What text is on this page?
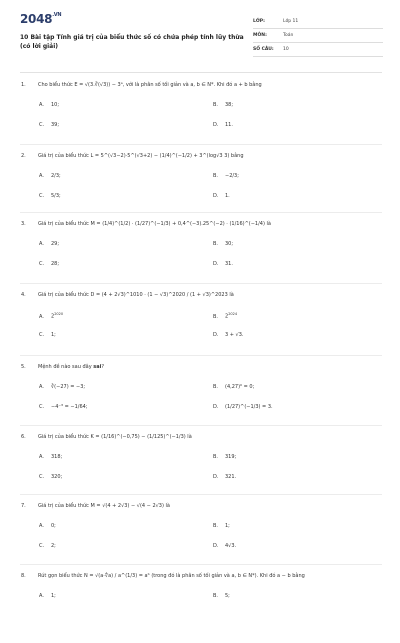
$2048^{.VN}$
10 Bài tập Tính giá trị của biểu thức số có chứa phép tính lũy thừa (có lời giải)
LỚP:	Lớp 11
MÔN:	Toán
SỐ CÂU: 10
1. Cho biểu thức E = √(3.∛(√3)) − 3ᵃ, với là phân số tối giản và a, b ∈ N*. Khi đó a + b bằng
A. 10;	B. 38;
C. 39;	D. 11.
2. Giá trị của biểu thức L = 5^(√3−2)·5^(√3+2) − (1/4)^(−1/2) + 3^(log√3 3) bằng
A. 2/3;	B. −2/3;
C. 5/3;	D. 1.
3. Giá trị của biểu thức M = (1/4)^(1/2) · (1/27)^(−1/3) + 0,4^(−3).25^(−2) · (1/16)^(−1/4) là
A. 29;	B. 30;
C. 28;	D. 31.
4. Giá trị của biểu thức D = (4 + 2√3)^1010 · (1 − √3)^2020 / (1 + √3)^2023 là
A. $2^{2020}$	B. $2^{2024}$
C. 1;	D. 3 + √3.
5. Mệnh đề nào sau đây sai?
A. ∛(−27) = −3;	B. (4,27)⁰ = 0;
C. −4⁻³ = −1/64;	D. (1/27)^(−1/3) = 3.
6. Giá trị của biểu thức K = (1/16)^(−0,75) − (1/125)^(−1/3) là
A. 318;	B. 319;
C. 320;	D. 321.
7. Giá trị của biểu thức M = √(4 + 2√3) − √(4 − 2√3) là
A. 0;	B. 1;
C. 2;	D. 4√3.
8. Rút gọn biểu thức N = √(a·∜a) / a^(1/3) = aᵇ (trong đó là phân số tối giản và a, b ∈ N*). Khi đó a − b bằng
A. 1;	B. 5;
